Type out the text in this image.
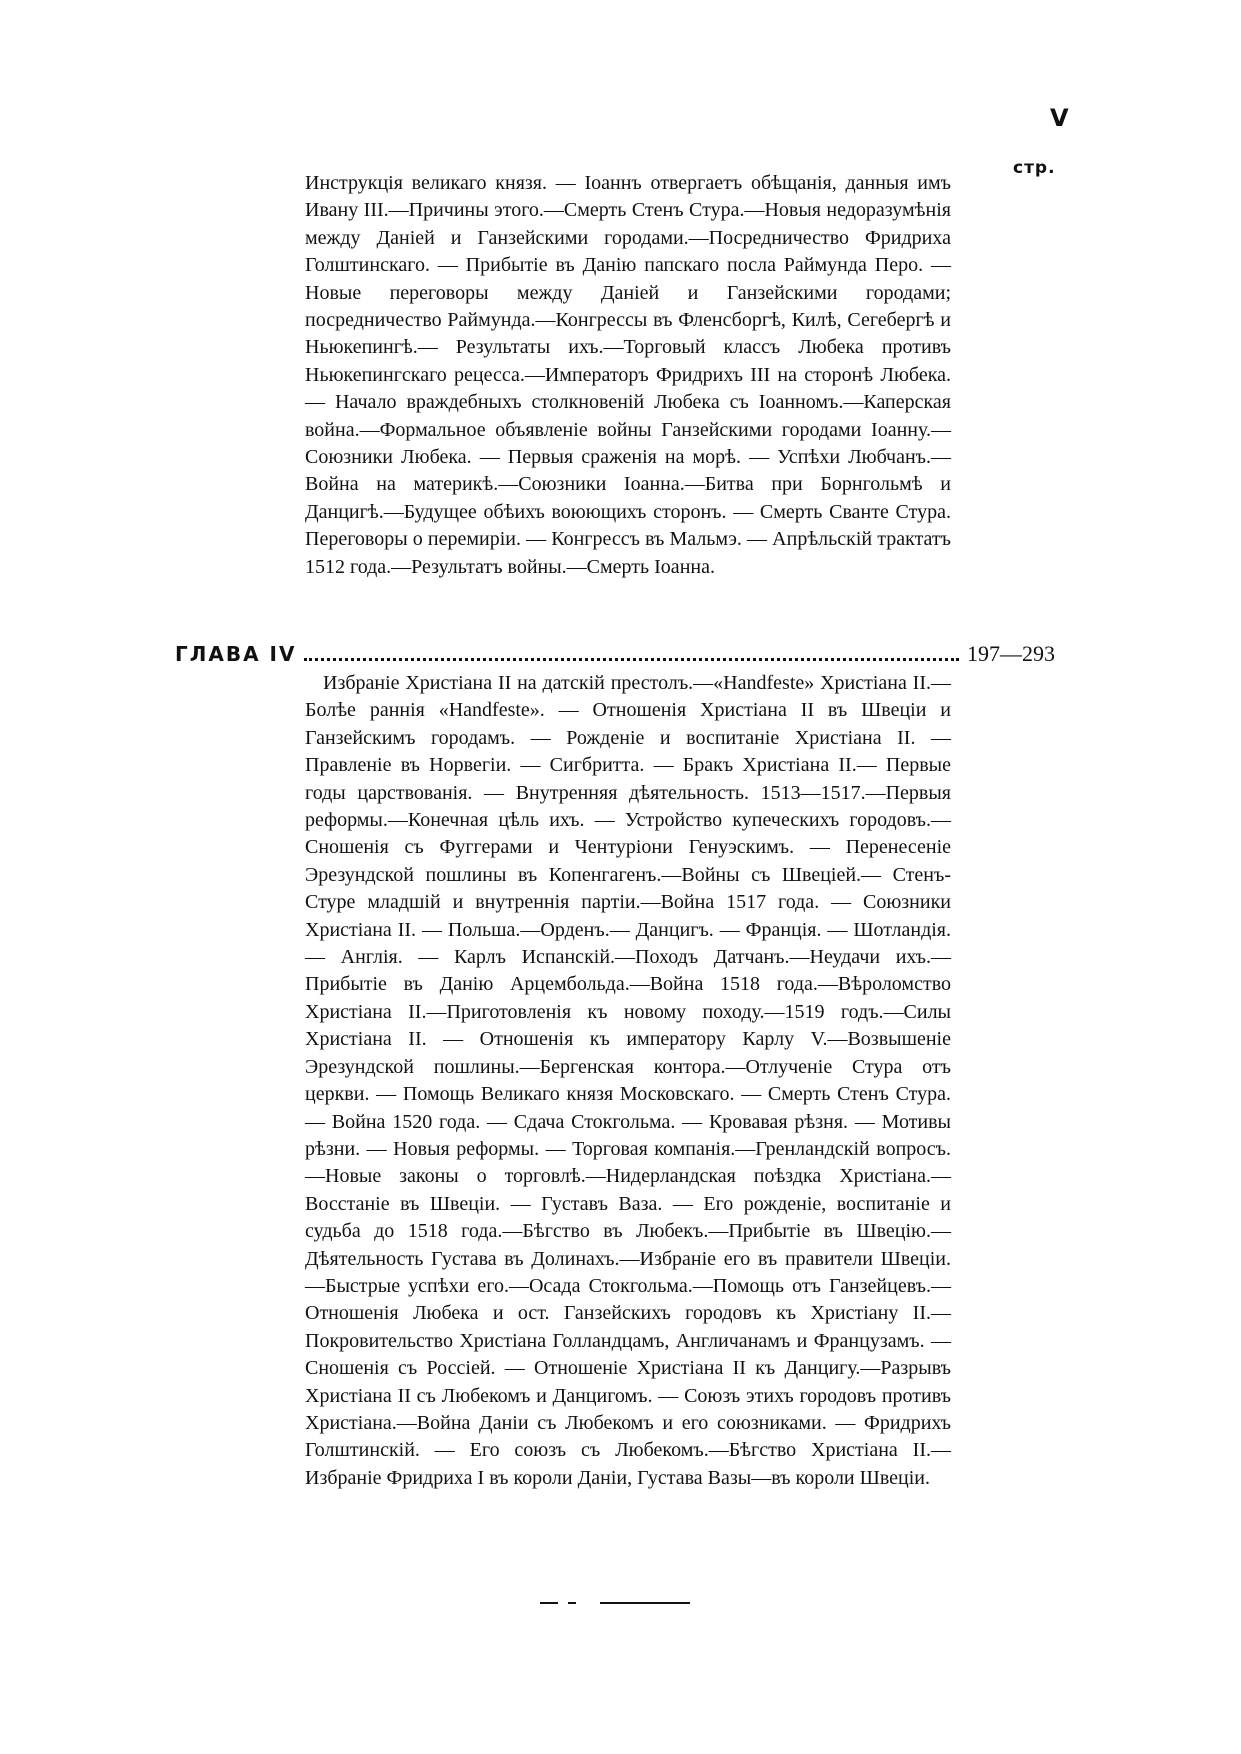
V
стр.
Инструкція великаго князя. — Іоаннъ отвергаетъ обѣщанія, данныя имъ Ивану III.—Причины этого.—Смерть Стенъ Стура.—Новыя недоразумѣнія между Даніей и Ганзейскими городами.—Посредничество Фридриха Голштинскаго. — Прибытіе въ Данію папскаго посла Раймунда Перо. — Новые переговоры между Даніей и Ганзейскими городами; посредничество Раймунда.—Конгрессы въ Фленсборгѣ, Килѣ, Сегебергѣ и Ньюкепингѣ.— Результаты ихъ.—Торговый классъ Любека противъ Ньюкепингскаго рецесса.—Императоръ Фридрихъ III на сторонѣ Любека. — Начало враждебныхъ столкновеній Любека съ Іоанномъ.—Каперская война.—Формальное объявленіе войны Ганзейскими городами Іоанну.—Союзники Любека. — Первыя сраженія на морѣ. — Успѣхи Любчанъ.—Война на материкѣ.—Союзники Іоанна.—Битва при Борнгольмѣ и Данцигѣ.—Будущее обѣихъ воюющихъ сторонъ. — Смерть Сванте Стура. Переговоры о перемиріи. — Конгрессъ въ Мальмэ. — Апрѣльскій трактатъ 1512 года.—Результатъ войны.—Смерть Іоанна.
ГЛАВА IV	197—293
Избраніе Христіана II на датскій престолъ.—«Handfeste» Христіана II.—Болѣе раннія «Handfeste». — Отношенія Христіана II въ Швеціи и Ганзейскимъ городамъ. — Рожденіе и воспитаніе Христіана II. — Правленіе въ Норвегіи. — Сигбритта. — Бракъ Христіана II.— Первые годы царствованія. — Внутренняя дѣятельность. 1513—1517.—Первыя реформы.—Конечная цѣль ихъ. — Устройство купеческихъ городовъ.—Сношенія съ Фуггерами и Чентуріони Генуэскимъ. — Перенесеніе Эрезундской пошлины въ Копенгагенъ.—Войны съ Швеціей.— Стенъ-Стуре младшій и внутреннія партіи.—Война 1517 года. — Союзники Христіана II. — Польша.—Орденъ.— Данцигъ. — Франція. — Шотландія. — Англія. — Карлъ Испанскій.—Походъ Датчанъ.—Неудачи ихъ.—Прибытіе въ Данію Арцембольда.—Война 1518 года.—Вѣроломство Христіана II.—Приготовленія къ новому походу.—1519 годъ.—Силы Христіана II. — Отношенія къ императору Карлу V.—Возвышеніе Эрезундской пошлины.—Бергенская контора.—Отлученіе Стура отъ церкви. — Помощь Великаго князя Московскаго. — Смерть Стенъ Стура.— Война 1520 года. — Сдача Стокгольма. — Кровавая рѣзня. — Мотивы рѣзни. — Новыя реформы. — Торговая компанія.—Гренландскій вопросъ.—Новые законы о торговлѣ.—Нидерландская поѣздка Христіана.—Восстаніе въ Швеціи. — Густавъ Ваза. — Его рожденіе, воспитаніе и судьба до 1518 года.—Бѣгство въ Любекъ.—Прибытіе въ Швецію.—Дѣятельность Густава въ Долинахъ.—Избраніе его въ правители Швеціи.—Быстрые успѣхи его.—Осада Стокгольма.—Помощь отъ Ганзейцевъ.—Отношенія Любека и ост. Ганзейскихъ городовъ къ Христіану II.— Покровительство Христіана Голландцамъ, Англичанамъ и Французамъ. — Сношенія съ Россіей. — Отношеніе Христіана II къ Данцигу.—Разрывъ Христіана II съ Любекомъ и Данцигомъ. — Союзъ этихъ городовъ противъ Христіана.—Война Даніи съ Любекомъ и его союзниками. — Фридрихъ Голштинскій. — Его союзъ съ Любекомъ.—Бѣгство Христіана II.—Избраніе Фридриха I въ короли Даніи, Густава Вазы—въ короли Швеціи.
